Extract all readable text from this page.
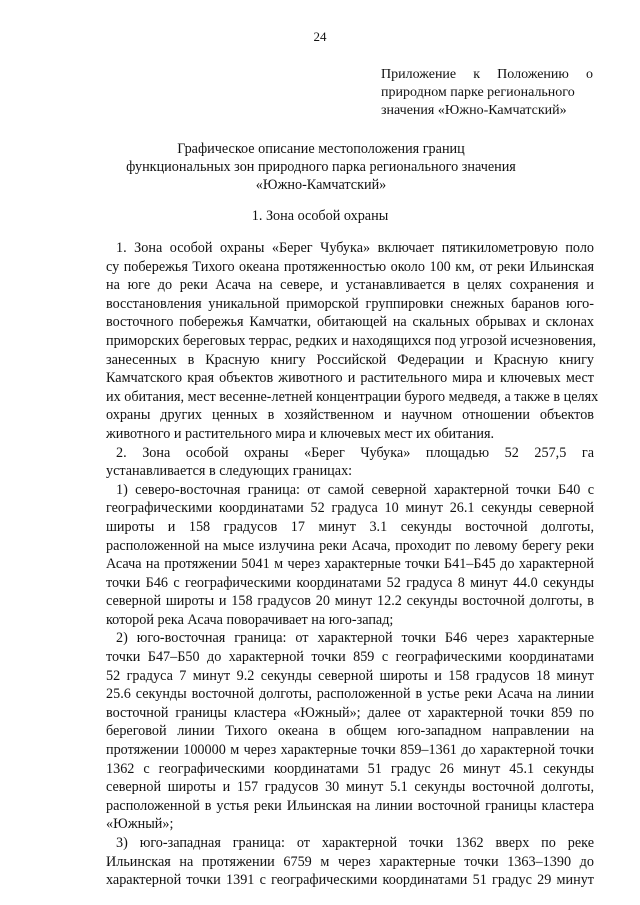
24
Приложение к Положению о
природном парке регионального
значения «Южно-Камчатский»
Графическое описание местоположения границ
функциональных зон природного парка регионального значения
«Южно-Камчатский»
1. Зона особой охраны
1. Зона особой охраны «Берег Чубука» включает пятикилометровую поло
су побережья Тихого океана протяженностью около 100 км, от реки Ильинская
на юге до реки Асача на севере, и устанавливается в целях сохранения и
восстановления уникальной приморской группировки снежных баранов юго-
восточного побережья Камчатки, обитающей на скальных обрывах и склонах
приморских береговых террас, редких и находящихся под угрозой исчезновения,
занесенных в Красную книгу Российской Федерации и Красную книгу
Камчатского края объектов животного и растительного мира и ключевых мест
их обитания, мест весенне-летней концентрации бурого медведя, а также в целях
охраны других ценных в хозяйственном и научном отношении объектов
животного и растительного мира и ключевых мест их обитания.
2. Зона особой охраны «Берег Чубука» площадью 52 257,5 га
устанавливается в следующих границах:
1) северо-восточная граница: от самой северной характерной точки Б40 с
географическими координатами 52 градуса 10 минут 26.1 секунды северной
широты и 158 градусов 17 минут 3.1 секунды восточной долготы,
расположенной на мысе излучина реки Асача, проходит по левому берегу реки
Асача на протяжении 5041 м через характерные точки Б41–Б45 до характерной
точки Б46 с географическими координатами 52 градуса 8 минут 44.0 секунды
северной широты и 158 градусов 20 минут 12.2 секунды восточной долготы, в
которой река Асача поворачивает на юго-запад;
2) юго-восточная граница: от характерной точки Б46 через характерные
точки Б47–Б50 до характерной точки 859 с географическими координатами
52 градуса 7 минут 9.2 секунды северной широты и 158 градусов 18 минут
25.6 секунды восточной долготы, расположенной в устье реки Асача на линии
восточной границы кластера «Южный»; далее от характерной точки 859 по
береговой линии Тихого океана в общем юго-западном направлении на
протяжении 100000 м через характерные точки 859–1361 до характерной точки
1362 с географическими координатами 51 градус 26 минут 45.1 секунды
северной широты и 157 градусов 30 минут 5.1 секунды восточной долготы,
расположенной в устья реки Ильинская на линии восточной границы кластера
«Южный»;
3) юго-западная граница: от характерной точки 1362 вверх по реке
Ильинская на протяжении 6759 м через характерные точки 1363–1390 до
характерной точки 1391 с географическими координатами 51 градус 29 минут
